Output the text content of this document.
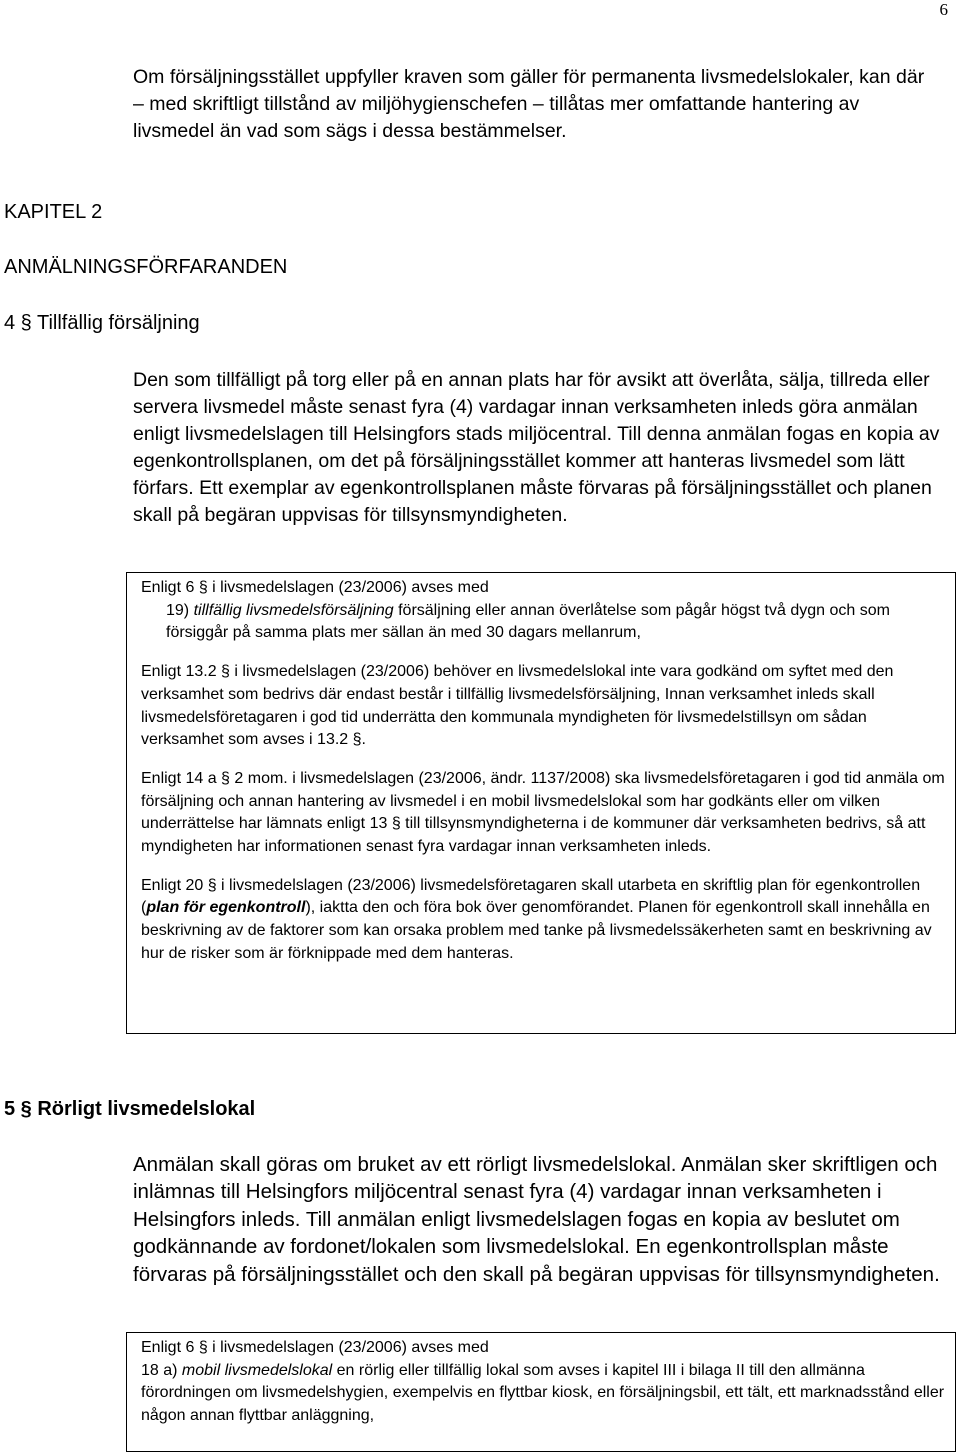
6

Om försäljningsstället uppfyller kraven som gäller för permanenta livsmedelslokaler, kan där – med skriftligt tillstånd av miljöhygienschefen – tillåtas mer omfattande hantering av livsmedel än vad som sägs i dessa bestämmelser.

KAPITEL 2

ANMÄLNINGSFÖRFARANDEN

4 § Tillfällig försäljning

Den som tillfälligt på torg eller på en annan plats har för avsikt att överlåta, sälja, tillreda eller servera livsmedel måste senast fyra (4) vardagar innan verksamheten inleds göra anmälan enligt livsmedelslagen till Helsingfors stads miljöcentral. Till denna anmälan fogas en kopia av egenkontrollsplanen, om det på försäljningsstället kommer att hanteras livsmedel som lätt förfars. Ett exemplar av egenkontrollsplanen måste förvaras på försäljningsstället och planen skall på begäran uppvisas för tillsynsmyndigheten.

Enligt 6 § i livsmedelslagen (23/2006) avses med

19) tillfällig livsmedelsförsäljning försäljning eller annan överlåtelse som pågår högst två dygn och som försiggår på samma plats mer sällan än med 30 dagars mellanrum,

Enligt 13.2 § i livsmedelslagen (23/2006) behöver en livsmedelslokal inte vara godkänd om syftet med den verksamhet som bedrivs där endast består i tillfällig livsmedelsförsäljning, Innan verksamhet inleds skall livsmedelsföretagaren i god tid underrätta den kommunala myndigheten för livsmedelstillsyn om sådan verksamhet som avses i 13.2 §.

Enligt 14 a § 2 mom. i livsmedelslagen (23/2006, ändr. 1137/2008) ska livsmedelsföretagaren i god tid anmäla om försäljning och annan hantering av livsmedel i en mobil livsmedelslokal som har godkänts eller om vilken underrättelse har lämnats enligt 13 § till tillsynsmyndigheterna i de kommuner där verksamheten bedrivs, så att myndigheten har informationen senast fyra vardagar innan verksamheten inleds.

Enligt 20 § i livsmedelslagen (23/2006) livsmedelsföretagaren skall utarbeta en skriftlig plan för egenkontrollen (plan för egenkontroll), iaktta den och föra bok över genomförandet. Planen för egenkontroll skall innehålla en beskrivning av de faktorer som kan orsaka problem med tanke på livsmedelssäkerheten samt en beskrivning av hur de risker som är förknippade med dem hanteras.

5 § Rörligt livsmedelslokal

Anmälan skall göras om bruket av ett rörligt livsmedelslokal. Anmälan sker skriftligen och inlämnas till Helsingfors miljöcentral senast fyra (4) vardagar innan verksamheten i Helsingfors inleds. Till anmälan enligt livsmedelslagen fogas en kopia av beslutet om godkännande av fordonet/lokalen som livsmedelslokal. En egenkontrollsplan måste förvaras på försäljningsstället och den skall på begäran uppvisas för tillsynsmyndigheten.

Enligt 6 § i livsmedelslagen (23/2006) avses med

18 a) mobil livsmedelslokal en rörlig eller tillfällig lokal som avses i kapitel III i bilaga II till den allmänna förordningen om livsmedelshygien, exempelvis en flyttbar kiosk, en försäljningsbil, ett tält, ett marknadsstånd eller någon annan flyttbar anläggning,
